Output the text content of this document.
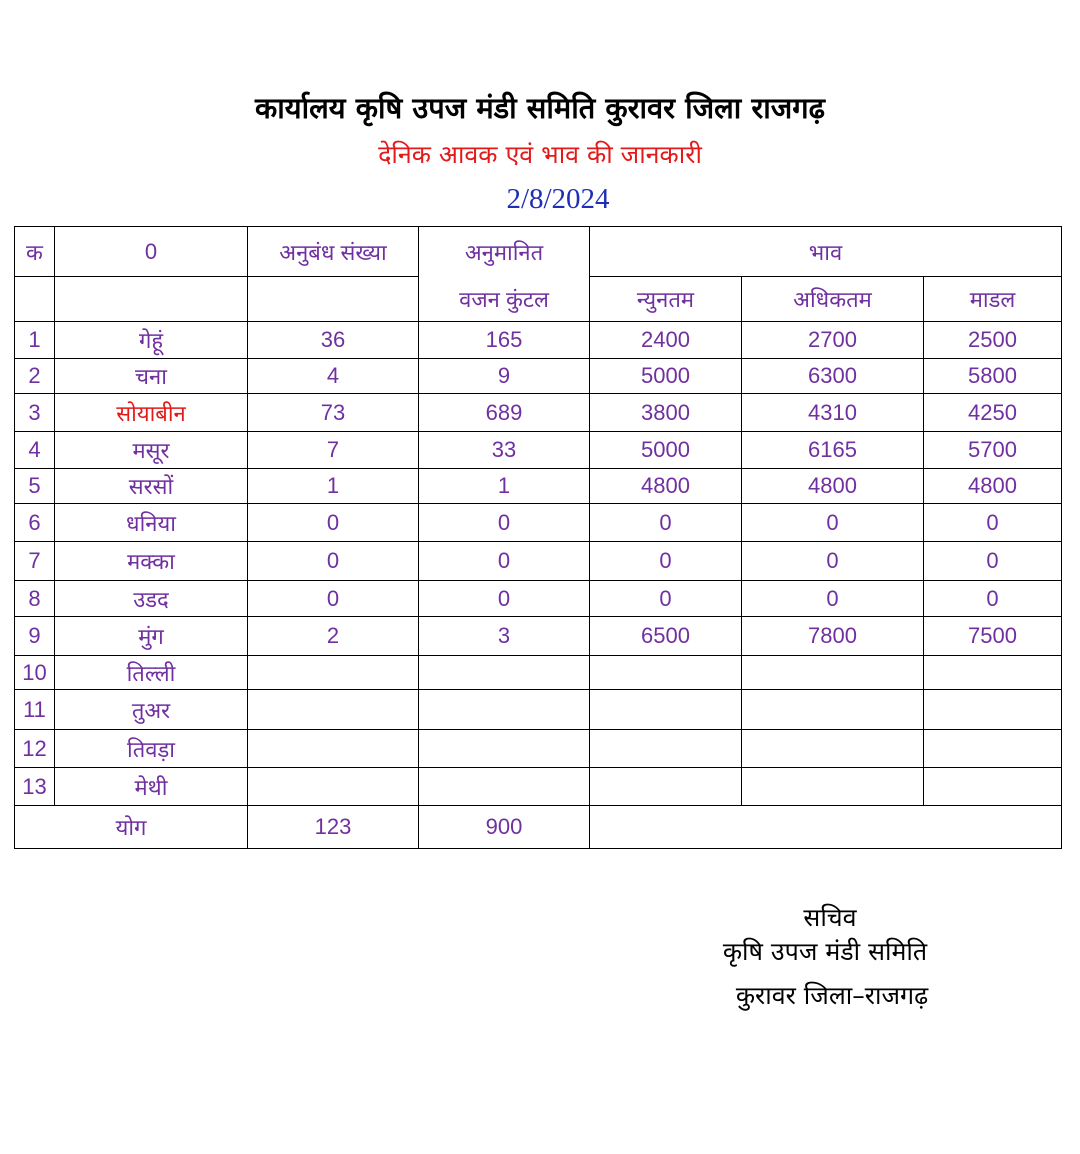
कार्यालय कृषि उपज मंडी समिति कुरावर जिला राजगढ़
देनिक आवक एवं भाव की जानकारी
2/8/2024
क	0	अनुबंध संख्या	अनुमानित	भाव		
			वजन कुंटल	न्युनतम	अधिकतम	माडल
1	गेहूं	36	165	2400	2700	2500
2	चना	4	9	5000	6300	5800
3	सोयाबीन	73	689	3800	4310	4250
4	मसूर	7	33	5000	6165	5700
5	सरसों	1	1	4800	4800	4800
6	धनिया	0	0	0	0	0
7	मक्का	0	0	0	0	0
8	उडद	0	0	0	0	0
9	मुंग	2	3	6500	7800	7500
10	तिल्ली					
11	तुअर					
12	तिवड़ा					
13	मेथी					
योग		123	900			
सचिव
कृषि उपज मंडी समिति
कुरावर जिला–राजगढ़
